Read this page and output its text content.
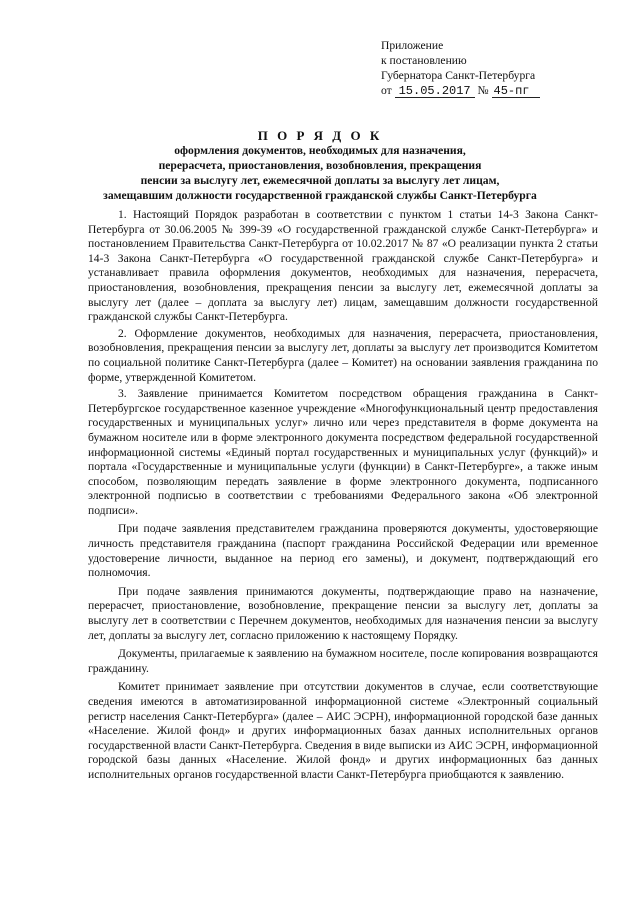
Приложение
к постановлению
Губернатора Санкт-Петербурга
от 15.05.2017 № 45-пг
П О Р Я Д О К
оформления документов, необходимых для назначения,
перерасчета, приостановления, возобновления, прекращения
пенсии за выслугу лет, ежемесячной доплаты за выслугу лет лицам,
замещавшим должности государственной гражданской службы Санкт-Петербурга

1. Настоящий Порядок разработан в соответствии с пунктом 1 статьи 14-3 Закона Санкт-Петербурга от 30.06.2005 № 399-39 «О государственной гражданской службе Санкт-Петербурга» и постановлением Правительства Санкт-Петербурга от 10.02.2017 № 87 «О реализации пункта 2 статьи 14-3 Закона Санкт-Петербурга «О государственной гражданской службе Санкт-Петербурга» и устанавливает правила оформления документов, необходимых для назначения, перерасчета, приостановления, возобновления, прекращения пенсии за выслугу лет, ежемесячной доплаты за выслугу лет (далее – доплата за выслугу лет) лицам, замещавшим должности государственной гражданской службы Санкт-Петербурга.

2. Оформление документов, необходимых для назначения, перерасчета, приостановления, возобновления, прекращения пенсии за выслугу лет, доплаты за выслугу лет производится Комитетом по социальной политике Санкт-Петербурга (далее – Комитет) на основании заявления гражданина по форме, утвержденной Комитетом.

3. Заявление принимается Комитетом посредством обращения гражданина в Санкт-Петербургское государственное казенное учреждение «Многофункциональный центр предоставления государственных и муниципальных услуг» лично или через представителя в форме документа на бумажном носителе или в форме электронного документа посредством федеральной государственной информационной системы «Единый портал государственных и муниципальных услуг (функций)» и портала «Государственные и муниципальные услуги (функции) в Санкт-Петербурге», а также иным способом, позволяющим передать заявление в форме электронного документа, подписанного электронной подписью в соответствии с требованиями Федерального закона «Об электронной подписи».

При подаче заявления представителем гражданина проверяются документы, удостоверяющие личность представителя гражданина (паспорт гражданина Российской Федерации или временное удостоверение личности, выданное на период его замены), и документ, подтверждающий его полномочия.

При подаче заявления принимаются документы, подтверждающие право на назначение, перерасчет, приостановление, возобновление, прекращение пенсии за выслугу лет, доплаты за выслугу лет в соответствии с Перечнем документов, необходимых для назначения пенсии за выслугу лет, доплаты за выслугу лет, согласно приложению к настоящему Порядку.

Документы, прилагаемые к заявлению на бумажном носителе, после копирования возвращаются гражданину.

Комитет принимает заявление при отсутствии документов в случае, если соответствующие сведения имеются в автоматизированной информационной системе «Электронный социальный регистр населения Санкт-Петербурга» (далее – АИС ЭСРН), информационной городской базе данных «Население. Жилой фонд» и других информационных базах данных исполнительных органов государственной власти Санкт-Петербурга. Сведения в виде выписки из АИС ЭСРН, информационной городской базы данных «Население. Жилой фонд» и других информационных баз данных исполнительных органов государственной власти Санкт-Петербурга приобщаются к заявлению.
